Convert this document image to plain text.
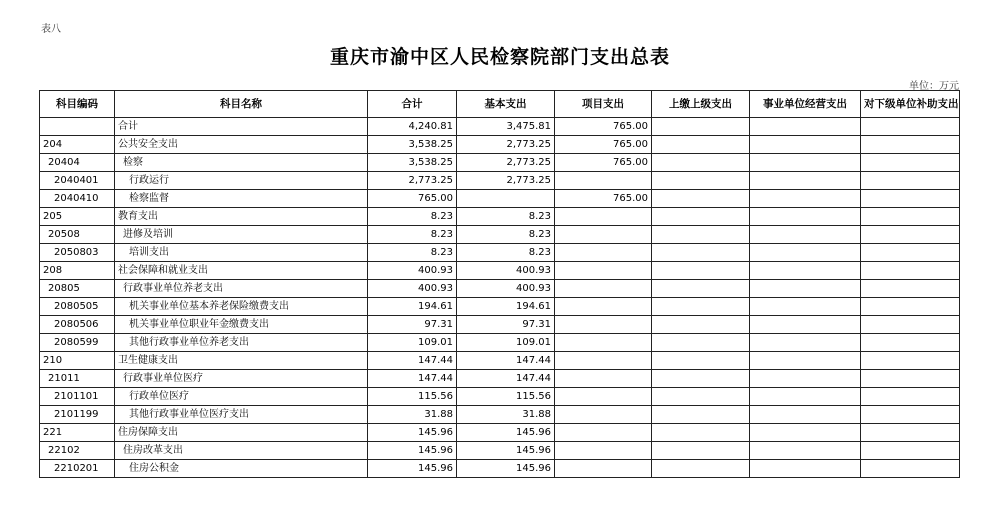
表八
重庆市渝中区人民检察院部门支出总表
单位：万元
科目编码	科目名称	合计	基本支出	项目支出	上缴上级支出	事业单位经营支出	对下级单位补助支出
	合计	4,240.81	3,475.81	765.00			
204	公共安全支出	3,538.25	2,773.25	765.00			
20404	检察	3,538.25	2,773.25	765.00			
2040401	行政运行	2,773.25	2,773.25				
2040410	检察监督	765.00		765.00			
205	教育支出	8.23	8.23				
20508	进修及培训	8.23	8.23				
2050803	培训支出	8.23	8.23				
208	社会保障和就业支出	400.93	400.93				
20805	行政事业单位养老支出	400.93	400.93				
2080505	机关事业单位基本养老保险缴费支出	194.61	194.61				
2080506	机关事业单位职业年金缴费支出	97.31	97.31				
2080599	其他行政事业单位养老支出	109.01	109.01				
210	卫生健康支出	147.44	147.44				
21011	行政事业单位医疗	147.44	147.44				
2101101	行政单位医疗	115.56	115.56				
2101199	其他行政事业单位医疗支出	31.88	31.88				
221	住房保障支出	145.96	145.96				
22102	住房改革支出	145.96	145.96				
2210201	住房公积金	145.96	145.96				
